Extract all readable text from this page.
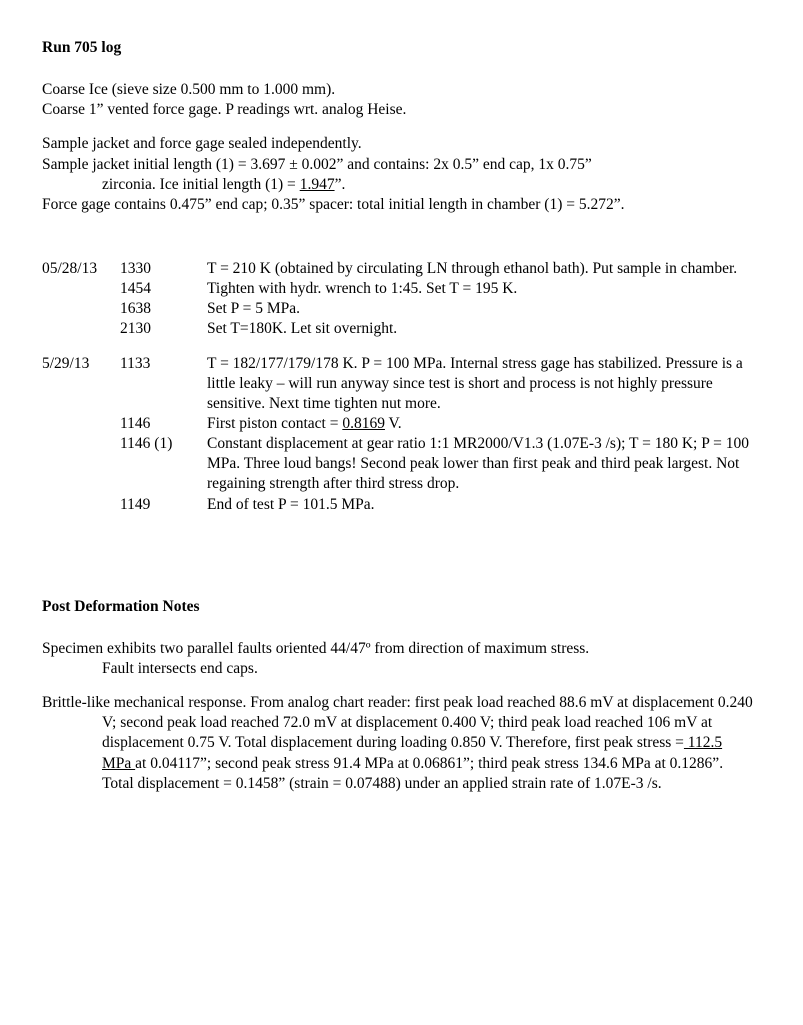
Run 705 log

Coarse Ice (sieve size 0.500 mm to 1.000 mm).

Coarse 1” vented force gage. P readings wrt. analog Heise.

Sample jacket and force gage sealed independently.

Sample jacket initial length (1) = 3.697 ± 0.002” and contains: 2x 0.5” end cap, 1x 0.75”

zirconia. Ice initial length (1) = 1.947”.

Force gage contains 0.475” end cap; 0.35” spacer: total initial length in chamber (1) = 5.272”.

05/28/13	1330	T = 210 K (obtained by circulating LN through ethanol bath). Put sample in chamber.
	1454	Tighten with hydr. wrench to 1:45. Set T = 195 K.
	1638	Set P = 5 MPa.
	2130	Set T=180K. Let sit overnight.
5/29/13	1133	T = 182/177/179/178 K. P = 100 MPa. Internal stress gage has stabilized. Pressure is a little leaky – will run anyway since test is short and process is not highly pressure sensitive. Next time tighten nut more.
	1146	First piston contact = 0.8169 V.
	1146 (1)	Constant displacement at gear ratio 1:1 MR2000/V1.3 (1.07E-3 /s); T = 180 K; P = 100 MPa. Three loud bangs! Second peak lower than first peak and third peak largest. Not regaining strength after third stress drop.
	1149	End of test P = 101.5 MPa.
Post Deformation Notes

Specimen exhibits two parallel faults oriented 44/47º from direction of maximum stress.

Fault intersects end caps.

Brittle-like mechanical response. From analog chart reader: first peak load reached 88.6 mV at displacement 0.240 V; second peak load reached 72.0 mV at displacement 0.400 V; third peak load reached 106 mV at displacement 0.75 V. Total displacement during loading 0.850 V. Therefore, first peak stress = 112.5 MPa at 0.04117”; second peak stress 91.4 MPa at 0.06861”; third peak stress 134.6 MPa at 0.1286”. Total displacement = 0.1458” (strain = 0.07488) under an applied strain rate of 1.07E-3 /s.
